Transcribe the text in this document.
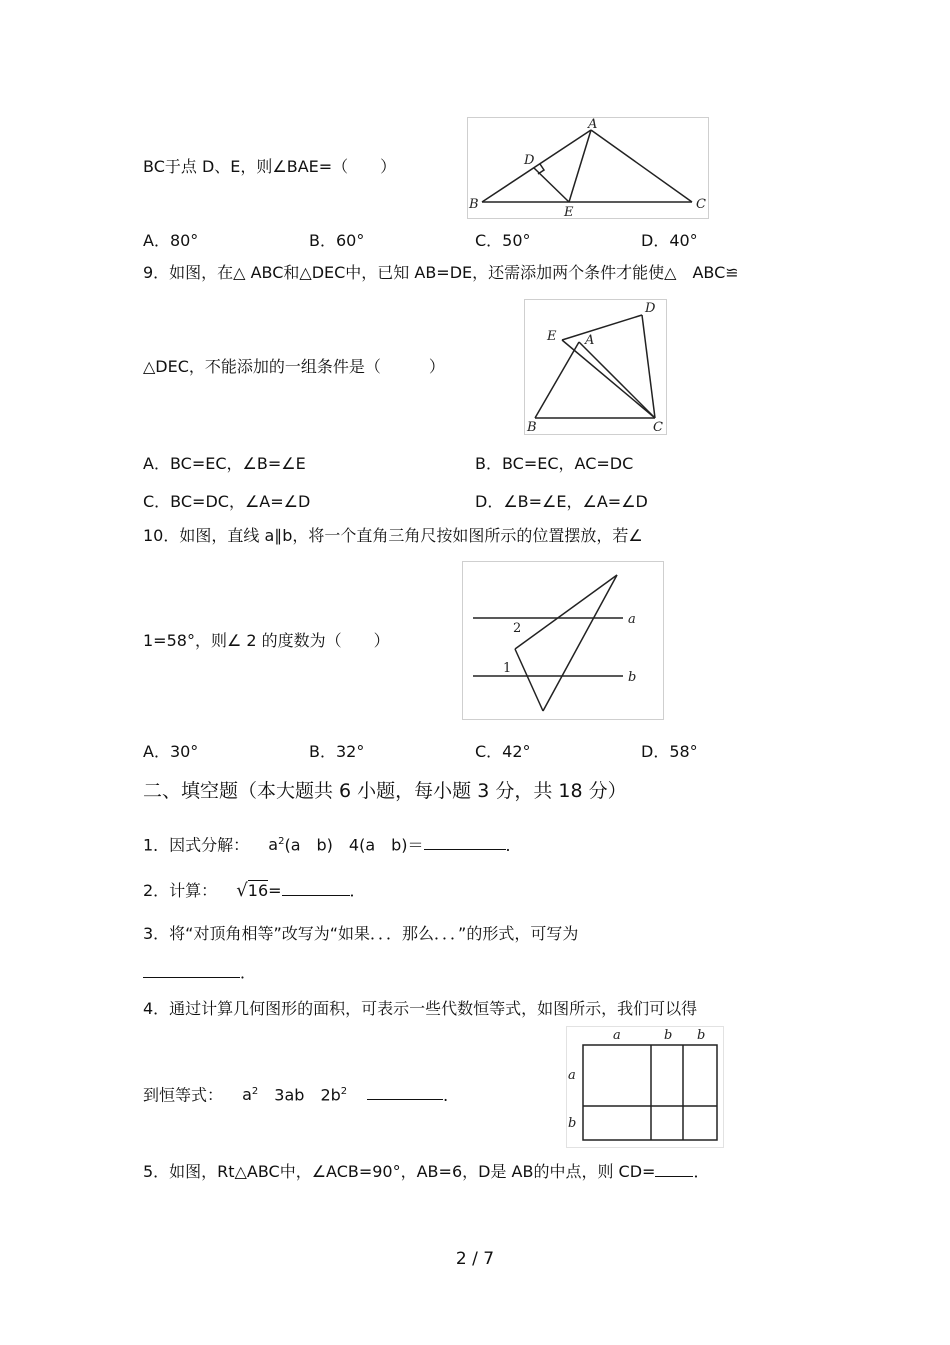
BC于点 D、E，则∠BAE=（　　）
A
B	C
D
E
A．80°	B．60°	C．50°	D．40°
9．如图，在△ ABC和△DEC中，已知 AB=DE，还需添加两个条件才能使△　ABC≌
D
E A
B	C
△DEC，不能添加的一组条件是（　　　）
A．BC=EC，∠B=∠E	B．BC=EC，AC=DC
C．BC=DC，∠A=∠D	D．∠B=∠E，∠A=∠D
10．如图，直线 a∥b，将一个直角三角尺按如图所示的位置摆放，若∠
a
b
1
2
1=58°，则∠ 2 的度数为（　　）
A．30°	B．32°	C．42°	D．58°
二、填空题（本大题共 6 小题，每小题 3 分，共 18 分）
1．因式分解： $a^2(a$　b)　4(a　b)＝	．
2．计算： √16=	．
3．将“对顶角相等”改写为“如果．．．那么．．．”的形式，可写为
．
4．通过计算几何图形的面积，可表示一些代数恒等式，如图所示，我们可以得
a	b b
a
b
到恒等式： $a^2$ 3ab　$2b^2$	．
5．如图，Rt△ABC中，∠ACB=90°，AB=6，D是 AB的中点，则 CD= ．
2 / 7
